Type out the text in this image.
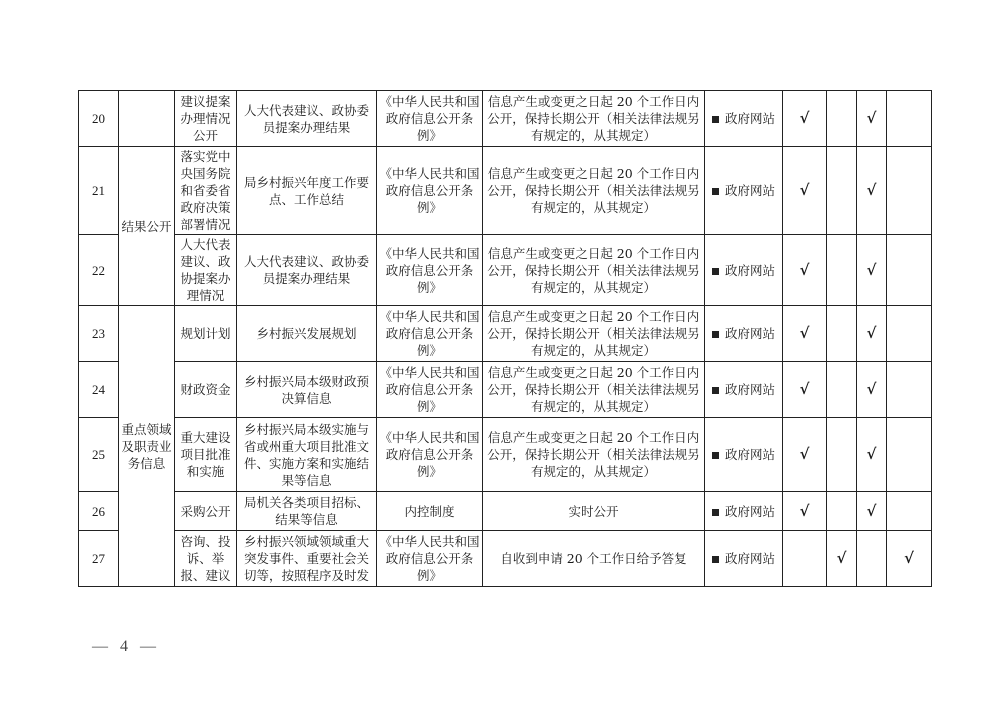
20		建议提案办理情况公开	人大代表建议、政协委员提案办理结果	《中华人民共和国政府信息公开条例》	信息产生或变更之日起 20 个工作日内公开，保持长期公开（相关法律法规另有规定的，从其规定）	政府网站	√		√	
21	结果公开	落实党中央国务院和省委省政府决策部署情况	局乡村振兴年度工作要点、工作总结	《中华人民共和国政府信息公开条例》	信息产生或变更之日起 20 个工作日内公开，保持长期公开（相关法律法规另有规定的，从其规定）	政府网站	√		√	
22		人大代表建议、政协提案办理情况	人大代表建议、政协委员提案办理结果	《中华人民共和国政府信息公开条例》	信息产生或变更之日起 20 个工作日内公开，保持长期公开（相关法律法规另有规定的，从其规定）	政府网站	√		√	
23	重点领域及职责业务信息	规划计划	乡村振兴发展规划	《中华人民共和国政府信息公开条例》	信息产生或变更之日起 20 个工作日内公开，保持长期公开（相关法律法规另有规定的，从其规定）	政府网站	√		√	
24		财政资金	乡村振兴局本级财政预决算信息	《中华人民共和国政府信息公开条例》	信息产生或变更之日起 20 个工作日内公开，保持长期公开（相关法律法规另有规定的，从其规定）	政府网站	√		√	
25		重大建设项目批准和实施	乡村振兴局本级实施与省或州重大项目批准文件、实施方案和实施结果等信息	《中华人民共和国政府信息公开条例》	信息产生或变更之日起 20 个工作日内公开，保持长期公开（相关法律法规另有规定的，从其规定）	政府网站	√		√	
26		采购公开	局机关各类项目招标、结果等信息	内控制度	实时公开	政府网站	√		√	
27		咨询、投诉、举报、建议	乡村振兴领域领域重大突发事件、重要社会关切等，按照程序及时发	《中华人民共和国政府信息公开条例》	自收到申请 20 个工作日给予答复	政府网站		√		√
— 4 —
